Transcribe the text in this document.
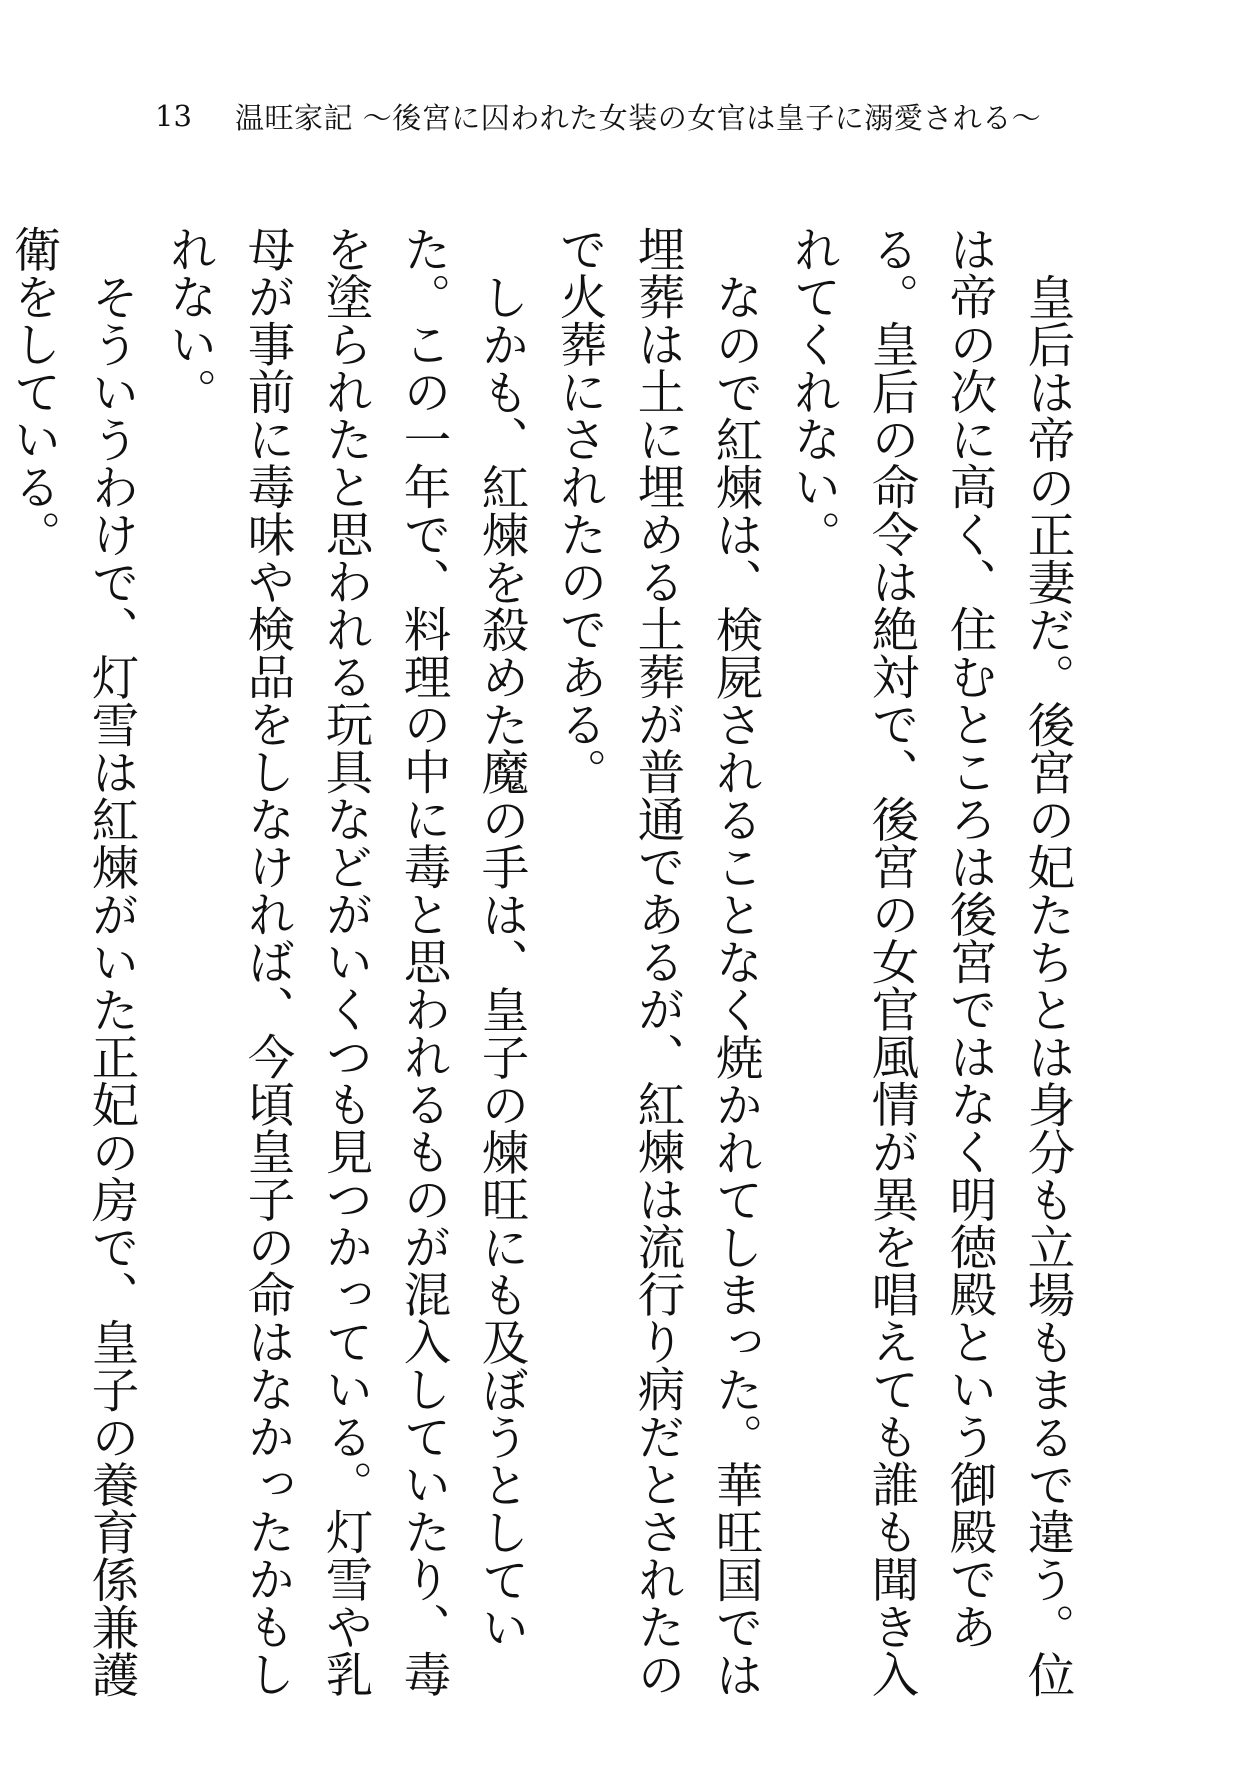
13	温旺家記 ～後宮に囚われた女装の女官は皇子に溺愛される～

皇后は帝の正妻だ。後宮の妃たちとは身分も立場もまるで違う。位は帝の次に高く、住むところは後宮ではなく明徳殿という御殿である。皇后の命令は絶対で、後宮の女官風情が異を唱えても誰も聞き入れてくれない。

なので紅煉は、検屍されることなく焼かれてしまった。華旺国では埋葬は土に埋める土葬が普通であるが、紅煉は流行り病だとされたので火葬にされたのである。

しかも、紅煉を殺めた魔の手は、皇子の煉旺にも及ぼうとしていた。この一年で、料理の中に毒と思われるものが混入していたり、毒を塗られたと思われる玩具などがいくつも見つかっている。灯雪や乳母が事前に毒味や検品をしなければ、今頃皇子の命はなかったかもしれない。

そういうわけで、灯雪は紅煉がいた正妃の房で、皇子の養育係兼護衛をしている。
